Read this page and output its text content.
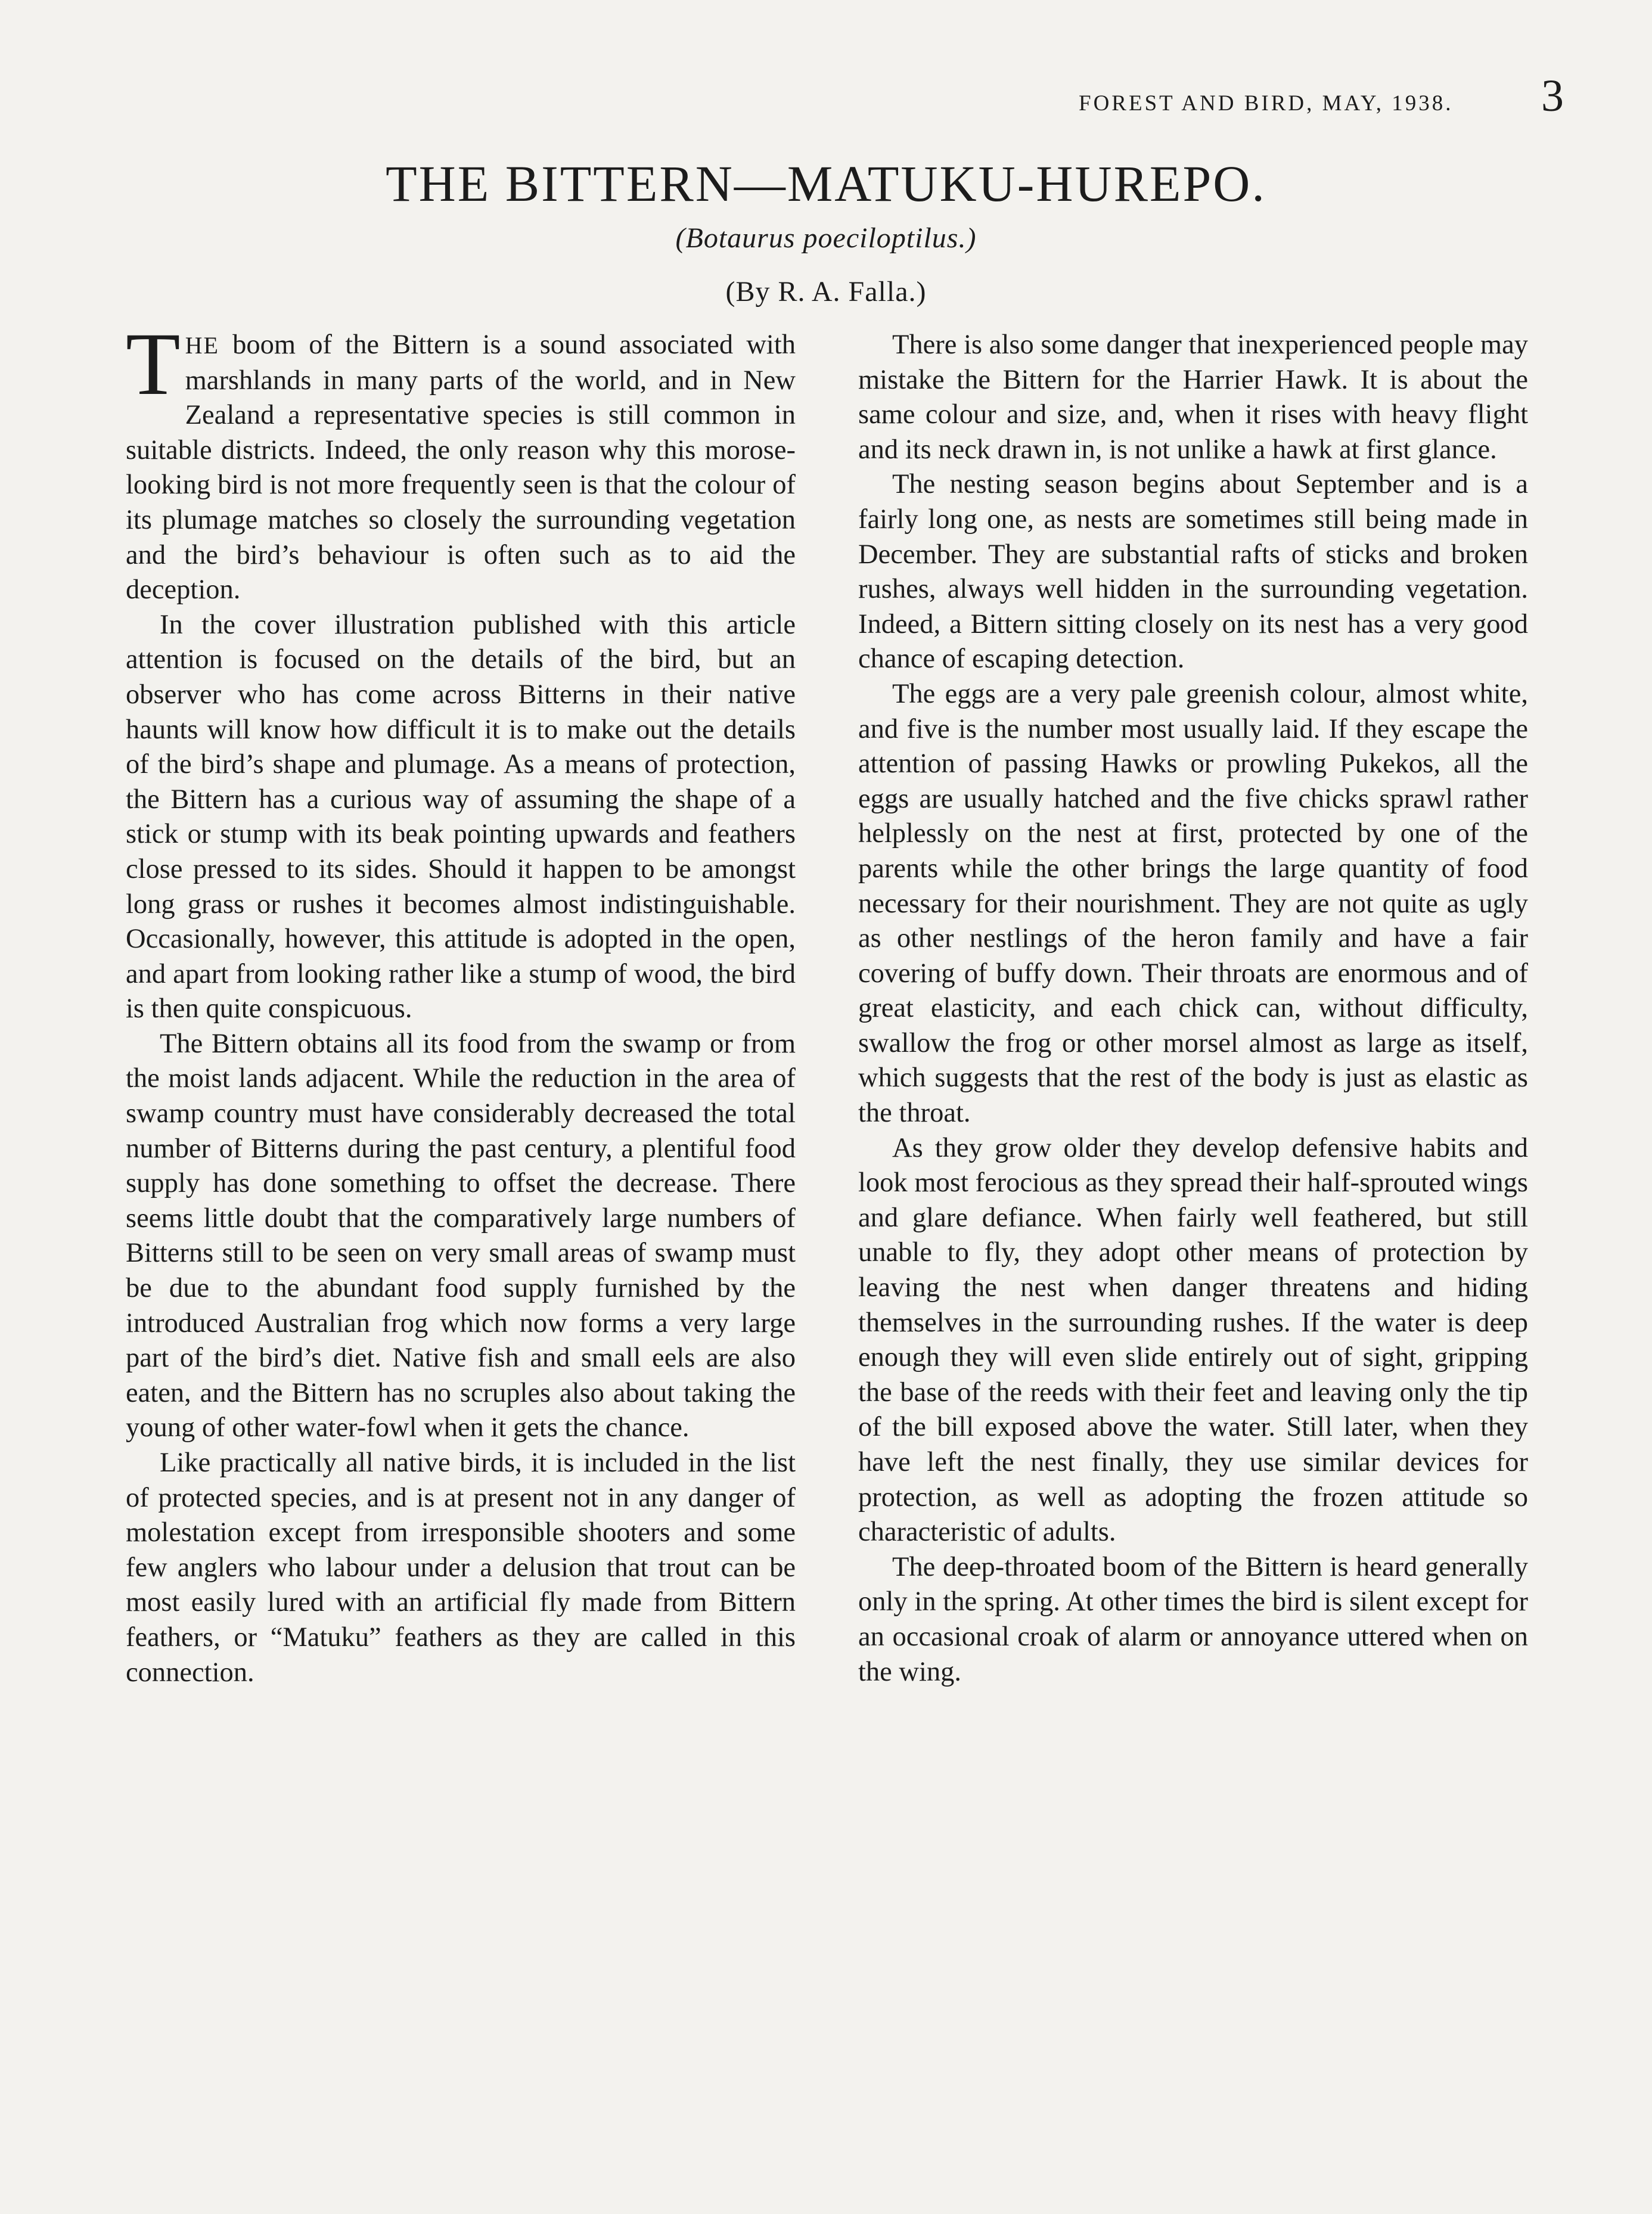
FOREST AND BIRD, MAY, 1938. 3
THE BITTERN—MATUKU-HUREPO.
(Botaurus poeciloptilus.)
(By R. A. Falla.)

THE boom of the Bittern is a sound associated with marshlands in many parts of the world, and in New Zealand a representative species is still common in suitable districts. Indeed, the only reason why this morose-looking bird is not more frequently seen is that the colour of its plumage matches so closely the surrounding vegetation and the bird’s behaviour is often such as to aid the deception.

In the cover illustration published with this article attention is focused on the details of the bird, but an observer who has come across Bitterns in their native haunts will know how difficult it is to make out the details of the bird’s shape and plumage. As a means of protection, the Bittern has a curious way of assuming the shape of a stick or stump with its beak pointing upwards and feathers close pressed to its sides. Should it happen to be amongst long grass or rushes it becomes almost indistinguishable. Occasionally, however, this attitude is adopted in the open, and apart from looking rather like a stump of wood, the bird is then quite conspicuous.

The Bittern obtains all its food from the swamp or from the moist lands adjacent. While the reduction in the area of swamp country must have considerably decreased the total number of Bitterns during the past century, a plentiful food supply has done something to offset the decrease. There seems little doubt that the comparatively large numbers of Bitterns still to be seen on very small areas of swamp must be due to the abundant food supply furnished by the introduced Australian frog which now forms a very large part of the bird’s diet. Native fish and small eels are also eaten, and the Bittern has no scruples also about taking the young of other water-fowl when it gets the chance.

Like practically all native birds, it is included in the list of protected species, and is at present not in any danger of molestation except from irresponsible shooters and some few anglers who labour under a delusion that trout can be most easily lured with an artificial fly made from Bittern feathers, or “Matuku” feathers as they are called in this connection.

There is also some danger that inexperienced people may mistake the Bittern for the Harrier Hawk. It is about the same colour and size, and, when it rises with heavy flight and its neck drawn in, is not unlike a hawk at first glance.

The nesting season begins about September and is a fairly long one, as nests are sometimes still being made in December. They are substantial rafts of sticks and broken rushes, always well hidden in the surrounding vegetation. Indeed, a Bittern sitting closely on its nest has a very good chance of escaping detection.

The eggs are a very pale greenish colour, almost white, and five is the number most usually laid. If they escape the attention of passing Hawks or prowling Pukekos, all the eggs are usually hatched and the five chicks sprawl rather helplessly on the nest at first, protected by one of the parents while the other brings the large quantity of food necessary for their nourishment. They are not quite as ugly as other nestlings of the heron family and have a fair covering of buffy down. Their throats are enormous and of great elasticity, and each chick can, without difficulty, swallow the frog or other morsel almost as large as itself, which suggests that the rest of the body is just as elastic as the throat.

As they grow older they develop defensive habits and look most ferocious as they spread their half-sprouted wings and glare defiance. When fairly well feathered, but still unable to fly, they adopt other means of protection by leaving the nest when danger threatens and hiding themselves in the surrounding rushes. If the water is deep enough they will even slide entirely out of sight, gripping the base of the reeds with their feet and leaving only the tip of the bill exposed above the water. Still later, when they have left the nest finally, they use similar devices for protection, as well as adopting the frozen attitude so characteristic of adults.

The deep-throated boom of the Bittern is heard generally only in the spring. At other times the bird is silent except for an occasional croak of alarm or annoyance uttered when on the wing.
